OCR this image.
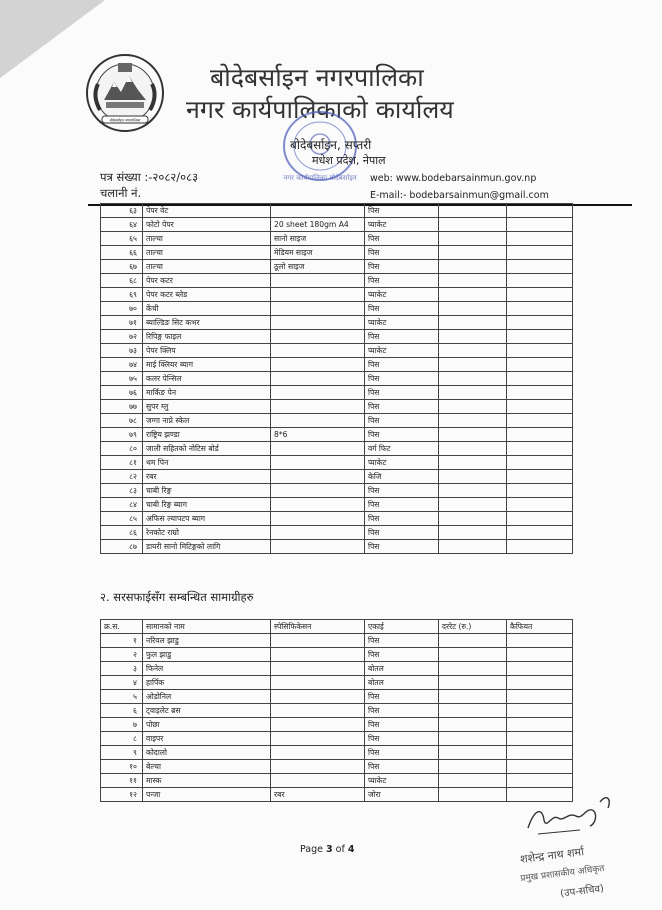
बोदेबर्साइन नगरपालिका
बोदेबर्साइन नगरपालिका
नगर कार्यपालिकाको कार्यालय
नगर कार्यपालिका बोदेबर्साइन
बोदेबर्साइन, सप्तरी
मधेश प्रदेश, नेपाल
पत्र संख्या :-२०८२/०८३
चलानी नं.
web: www.bodebarsainmun.gov.np
E-mail:- bodebarsainmun@gmail.com
६३	पेपर वेट		पिस		
६४	फोटो पेपर	20 sheet 180gm A4	प्याकेट		
६५	ताल्चा	सानो साइज	पिस		
६६	ताल्चा	मेडियम साइज	पिस		
६७	ताल्चा	ठूलो साइज	पिस		
६८	पेपर कटर		पिस		
६९	पेपर कटर ब्लेड		प्याकेट		
७०	केंची		पिस		
७१	ब्याल्डिङ सिट कभर		प्याकेट		
७२	रिपिङ्ग फाइल		पिस		
७३	पेपर क्लिप		प्याकेट		
७४	माई क्लियर ब्याग		पिस		
७५	कलर पेन्सिल		पिस		
७६	मार्किङ पेन		पिस		
७७	सुपर ग्लु		पिस		
७८	जग्गा नाप्ने स्केल		पिस		
७९	राष्ट्रिय झण्डा	8*6	पिस		
८०	जाली सहितको नोटिस बोर्ड		वर्ग फिट		
८१	थम पिन		प्याकेट		
८२	रबर		केजि		
८३	चाबी रिङ्ग		पिस		
८४	चाबी रिङ्ग ब्याग		पिस		
८५	अफिस ल्यापटप ब्याग		पिस		
८६	रेनकोट राम्रो		पिस		
८७	डायरी सानो मिटिङ्गको लागि		पिस		
२. सरसफाईसँग सम्बन्धित सामाग्रीहरु
क्र.स.	सामानको नाम	स्पेसिफिकेसन	एकाई	दररेट (रु.)	कैफियत
१	नरिवल झाडु		पिस		
२	फुल झाडु		पिस		
३	फिनेल		बोतल		
४	हार्पिक		बोतल		
५	ओडोनिल		पिस		
६	ट्वाइलेट ब्रस		पिस		
७	पोछा		पिस		
८	वाइपर		पिस		
९	कोदालो		पिस		
१०	बेल्चा		पिस		
११	मास्क		प्याकेट		
१२	पन्जा	रबर	जोरा		
Page 3 of 4	शशेन्द्र नाथ शर्मा
प्रमुख प्रशासकीय अधिकृत
(उप-सचिव)
